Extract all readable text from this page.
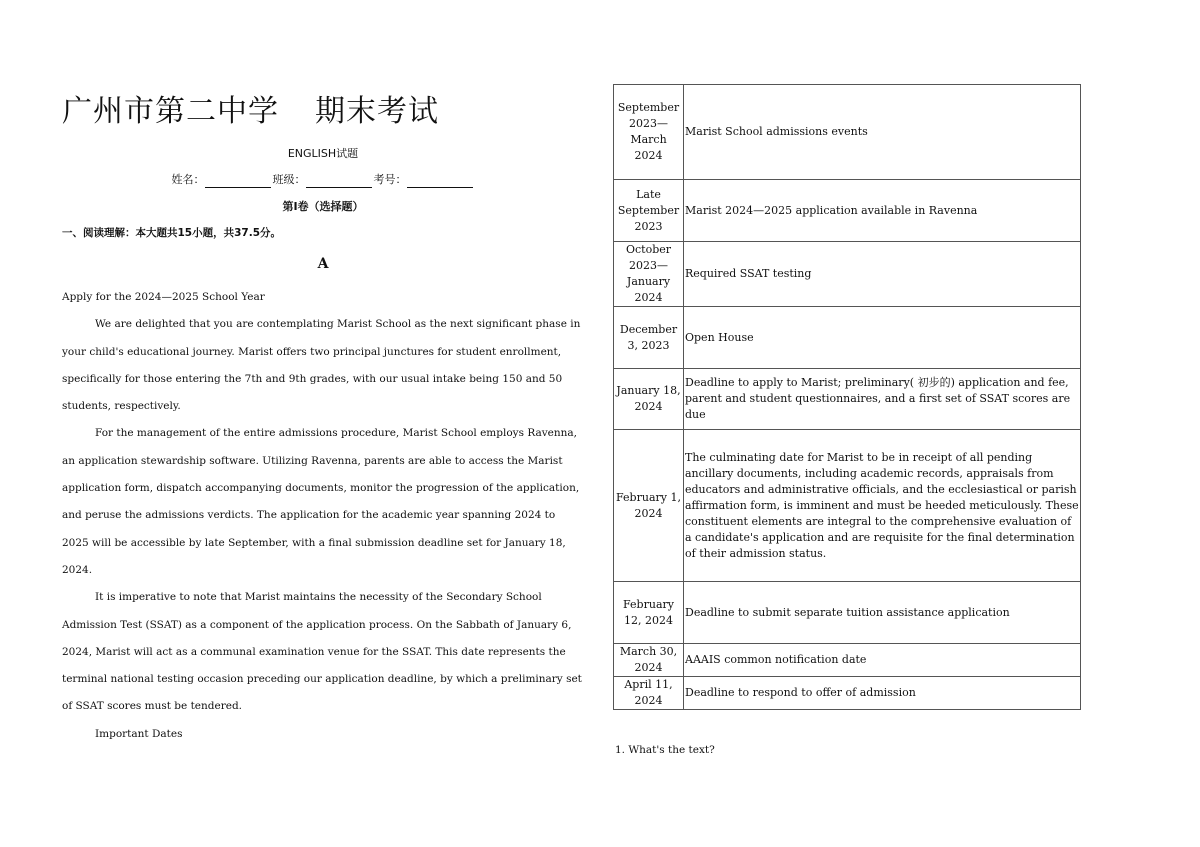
广州市第二中学 期末考试
ENGLISH试题
姓名：	班级：	考号：
第Ⅰ卷（选择题）
一、阅读理解：本大题共15小题，共37.5分。
A

Apply for the 2024—2025 School Year

We are delighted that you are contemplating Marist School as the next significant phase in your child's educational journey. Marist offers two principal junctures for student enrollment, specifically for those entering the 7th and 9th grades, with our usual intake being 150 and 50 students, respectively.

For the management of the entire admissions procedure, Marist School employs Ravenna, an application stewardship software. Utilizing Ravenna, parents are able to access the Marist application form, dispatch accompanying documents, monitor the progression of the application, and peruse the admissions verdicts. The application for the academic year spanning 2024 to 2025 will be accessible by late September, with a final submission deadline set for January 18, 2024.

It is imperative to note that Marist maintains the necessity of the Secondary School Admission Test (SSAT) as a component of the application process. On the Sabbath of January 6, 2024, Marist will act as a communal examination venue for the SSAT. This date represents the terminal national testing occasion preceding our application deadline, by which a preliminary set of SSAT scores must be tendered.

Important Dates

September 2023—March 2024	Marist School admissions events
Late September 2023	Marist 2024—2025 application available in Ravenna
October 2023—January 2024	Required SSAT testing
December 3, 2023	Open House
January 18, 2024	Deadline to apply to Marist; preliminary( 初步的) application and fee, parent and student questionnaires, and a first set of SSAT scores are due
February 1, 2024	The culminating date for Marist to be in receipt of all pending ancillary documents, including academic records, appraisals from educators and administrative officials, and the ecclesiastical or parish affirmation form, is imminent and must be heeded meticulously. These constituent elements are integral to the comprehensive evaluation of a candidate's application and are requisite for the final determination of their admission status.
February 12, 2024	Deadline to submit separate tuition assistance application
March 30, 2024	AAAIS common notification date
April 11, 2024	Deadline to respond to offer of admission
1. What's the text?
